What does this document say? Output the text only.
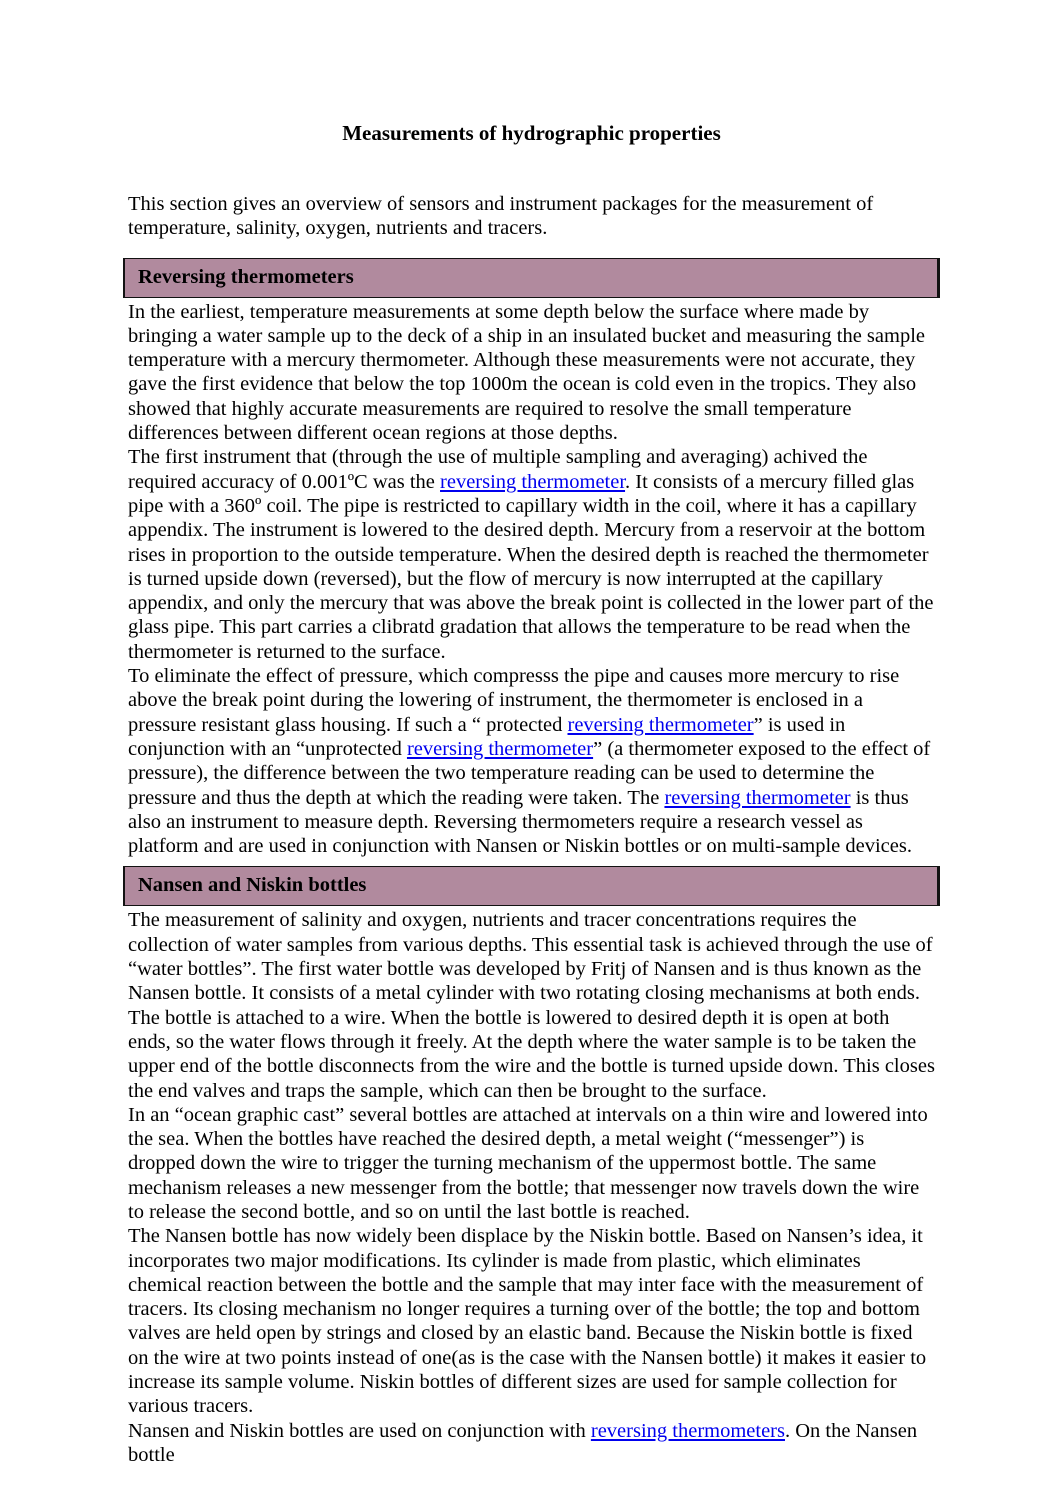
Measurements of hydrographic properties

This section gives an overview of sensors and instrument packages for the measurement of temperature, salinity, oxygen, nutrients and tracers.

Reversing thermometers

In the earliest, temperature measurements at some depth below the surface where made by bringing a water sample up to the deck of a ship in an insulated bucket and measuring the sample temperature with a mercury thermometer. Although these measurements were not accurate, they gave the first evidence that below the top 1000m the ocean is cold even in the tropics. They also showed that highly accurate measurements are required to resolve the small temperature differences between different ocean regions at those depths.

The first instrument that (through the use of multiple sampling and averaging) achived the required accuracy of 0.001ºC was the reversing thermometer. It consists of a mercury filled glas pipe with a 360º coil. The pipe is restricted to capillary width in the coil, where it has a capillary appendix. The instrument is lowered to the desired depth. Mercury from a reservoir at the bottom rises in proportion to the outside temperature. When the desired depth is reached the thermometer is turned upside down (reversed), but the flow of mercury is now interrupted at the capillary appendix, and only the mercury that was above the break point is collected in the lower part of the glass pipe. This part carries a clibratd gradation that allows the temperature to be read when the thermometer is returned to the surface.

To eliminate the effect of pressure, which compresss the pipe and causes more mercury to rise above the break point during the lowering of instrument, the thermometer is enclosed in a pressure resistant glass housing. If such a “ protected reversing thermometer” is used in conjunction with an “unprotected reversing thermometer” (a thermometer exposed to the effect of pressure), the difference between the two temperature reading can be used to determine the pressure and thus the depth at which the reading were taken. The reversing thermometer is thus also an instrument to measure depth. Reversing thermometers require a research vessel as platform and are used in conjunction with Nansen or Niskin bottles or on multi-sample devices.

Nansen and Niskin bottles

The measurement of salinity and oxygen, nutrients and tracer concentrations requires the collection of water samples from various depths. This essential task is achieved through the use of “water bottles”. The first water bottle was developed by Fritj of Nansen and is thus known as the Nansen bottle. It consists of a metal cylinder with two rotating closing mechanisms at both ends. The bottle is attached to a wire. When the bottle is lowered to desired depth it is open at both ends, so the water flows through it freely. At the depth where the water sample is to be taken the upper end of the bottle disconnects from the wire and the bottle is turned upside down. This closes the end valves and traps the sample, which can then be brought to the surface.

In an “ocean graphic cast” several bottles are attached at intervals on a thin wire and lowered into the sea. When the bottles have reached the desired depth, a metal weight (“messenger”) is dropped down the wire to trigger the turning mechanism of the uppermost bottle. The same mechanism releases a new messenger from the bottle; that messenger now travels down the wire to release the second bottle, and so on until the last bottle is reached.

The Nansen bottle has now widely been displace by the Niskin bottle. Based on Nansen’s idea, it incorporates two major modifications. Its cylinder is made from plastic, which eliminates chemical reaction between the bottle and the sample that may inter face with the measurement of tracers. Its closing mechanism no longer requires a turning over of the bottle; the top and bottom valves are held open by strings and closed by an elastic band. Because the Niskin bottle is fixed on the wire at two points instead of one(as is the case with the Nansen bottle) it makes it easier to increase its sample volume. Niskin bottles of different sizes are used for sample collection for various tracers.

Nansen and Niskin bottles are used on conjunction with reversing thermometers. On the Nansen bottle
